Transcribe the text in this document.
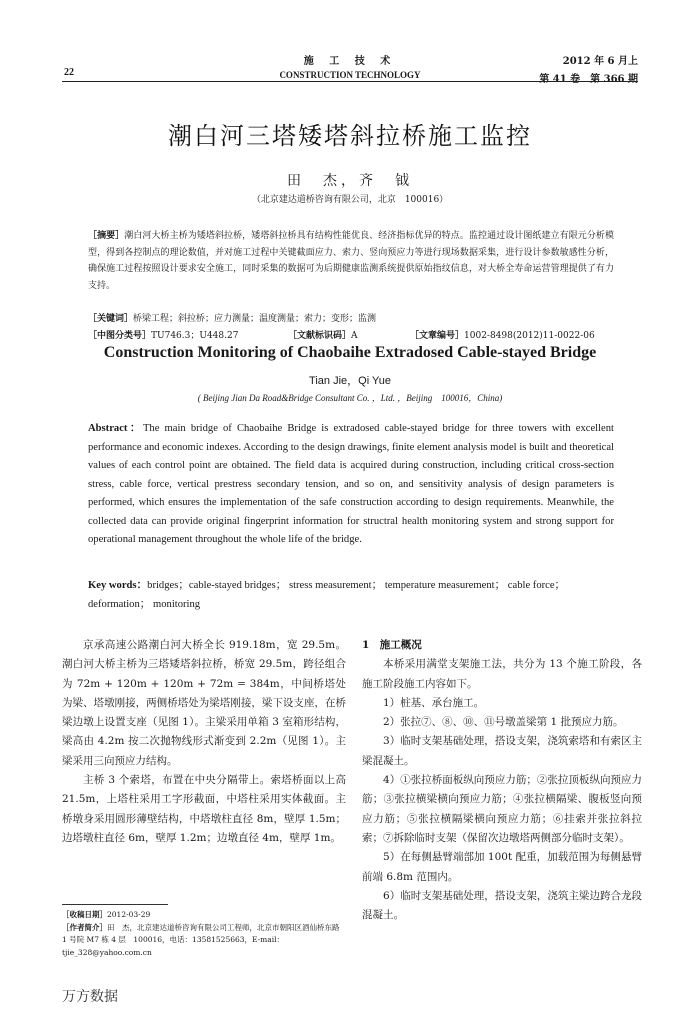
22
施 工 技 术
CONSTRUCTION TECHNOLOGY
2012 年 6 月上
第 41 卷　第 366 期
潮白河三塔矮塔斜拉桥施工监控
田　杰，齐　钺
（北京建达道桥咨询有限公司，北京　100016）
［摘要］潮白河大桥主桥为矮塔斜拉桥，矮塔斜拉桥具有结构性能优良、经济指标优异的特点。监控通过设计图纸建立有限元分析模型，得到各控制点的理论数值，并对施工过程中关键截面应力、索力、竖向预应力等进行现场数据采集，进行设计参数敏感性分析，确保施工过程按照设计要求安全施工，同时采集的数据可为后期健康监测系统提供原始指纹信息，对大桥全寿命运营管理提供了有力支持。
［关键词］桥梁工程；斜拉桥；应力测量；温度测量；索力；变形；监测
［中图分类号］TU746.3；U448.27	［文献标识码］A	［文章编号］1002-8498(2012)11-0022-06
Construction Monitoring of Chaobaihe Extradosed Cable-stayed Bridge
Tian Jie，Qi Yue
( Beijing Jian Da Road&Bridge Consultant Co. ，Ltd. ，Beijing　100016，China)
Abstract：The main bridge of Chaobaihe Bridge is extradosed cable-stayed bridge for three towers with excellent performance and economic indexes. According to the design drawings, finite element analysis model is built and theoretical values of each control point are obtained. The field data is acquired during construction, including critical cross-section stress, cable force, vertical prestress secondary tension, and so on, and sensitivity analysis of design parameters is performed, which ensures the implementation of the safe construction according to design requirements. Meanwhile, the collected data can provide original fingerprint information for structral health monitoring system and strong support for operational management throughout the whole life of the bridge.
Key words：bridges；cable-stayed bridges； stress measurement； temperature measurement； cable force； deformation； monitoring

京承高速公路潮白河大桥全长 919.18m，宽 29.5m。潮白河大桥主桥为三塔矮塔斜拉桥，桥宽 29.5m，跨径组合为 72m + 120m + 120m + 72m = 384m，中间桥塔处为梁、塔墩刚接，两侧桥塔处为梁塔刚接，梁下设支座，在桥梁边墩上设置支座（见图 1）。主梁采用单箱 3 室箱形结构，梁高由 4.2m 按二次抛物线形式渐变到 2.2m（见图 1）。主梁采用三向预应力结构。

主桥 3 个索塔，布置在中央分隔带上。索塔桥面以上高 21.5m，上塔柱采用工字形截面，中塔柱采用实体截面。主桥墩身采用圆形薄壁结构，中塔墩柱直径 8m，壁厚 1.5m；边塔墩柱直径 6m，壁厚 1.2m；边墩直径 4m，壁厚 1m。

1　施工概况

本桥采用满堂支架施工法，共分为 13 个施工阶段，各施工阶段施工内容如下。

1）桩基、承台施工。

2）张拉⑦、⑧、⑩、⑪号墩盖梁第 1 批预应力筋。

3）临时支架基础处理，搭设支架，浇筑索塔和有索区主梁混凝土。

4）①张拉桥面板纵向预应力筋；②张拉顶板纵向预应力筋；③张拉横梁横向预应力筋；④张拉横隔梁、腹板竖向预应力筋；⑤张拉横隔梁横向预应力筋；⑥挂索并张拉斜拉索；⑦拆除临时支架（保留次边墩塔两侧部分临时支架）。

5）在每侧悬臂端部加 100t 配重，加载范围为每侧悬臂前端 6.8m 范围内。

6）临时支架基础处理，搭设支架，浇筑主梁边跨合龙段混凝土。

［收稿日期］2012-03-29
［作者简介］田　杰，北京建达道桥咨询有限公司工程师，北京市朝阳区酒仙桥东路 1 号院 M7 栋 4 层　100016，电话：13581525663，E-mail：tjie_328@yahoo.com.cn
万方数据
